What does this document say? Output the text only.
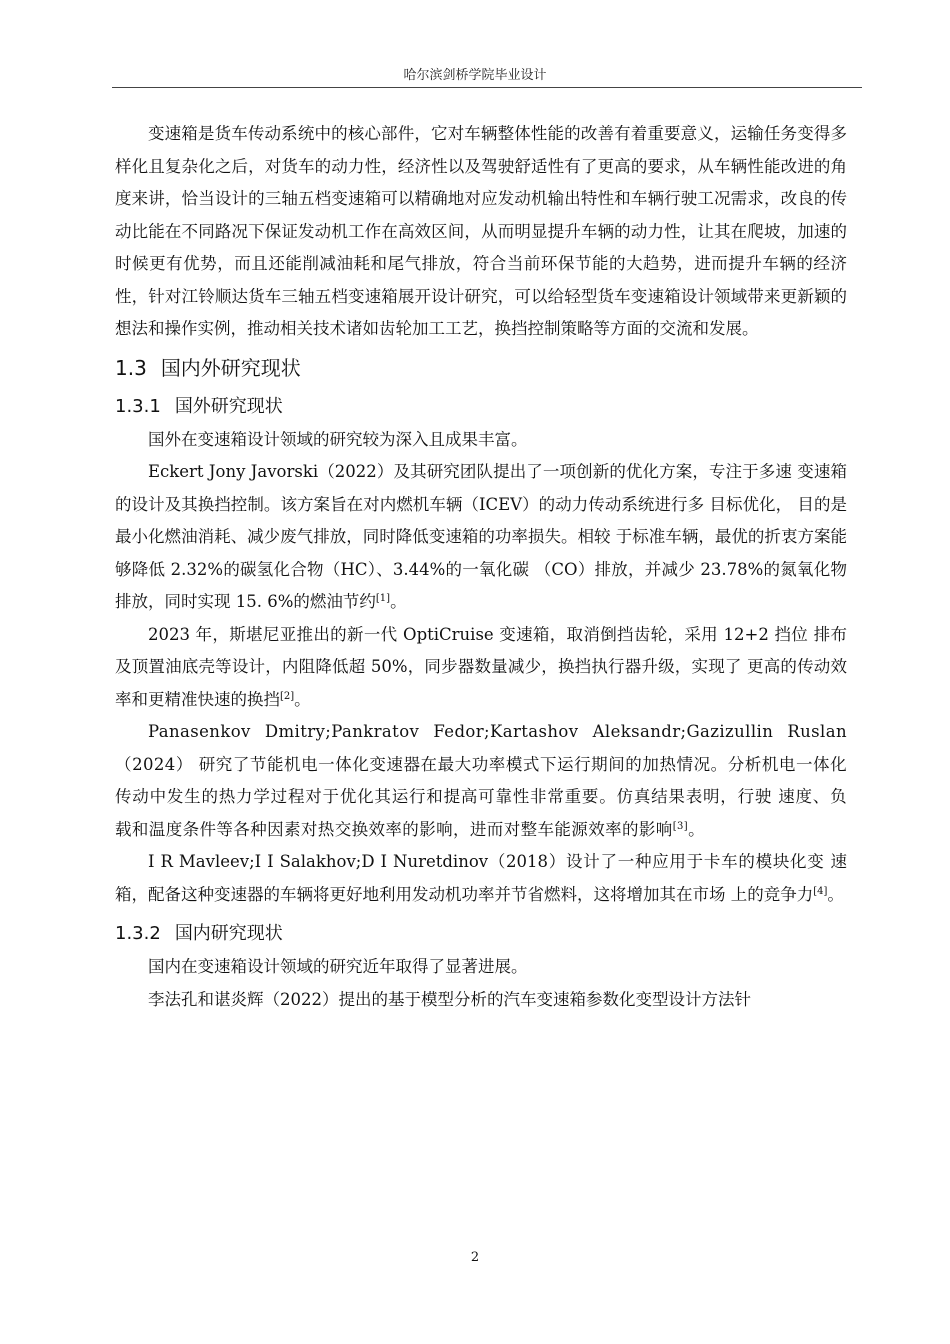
哈尔滨剑桥学院毕业设计

变速箱是货车传动系统中的核心部件，它对车辆整体性能的改善有着重要意义，运输任务变得多样化且复杂化之后，对货车的动力性，经济性以及驾驶舒适性有了更高的要求，从车辆性能改进的角度来讲，恰当设计的三轴五档变速箱可以精确地对应发动机输出特性和车辆行驶工况需求，改良的传动比能在不同路况下保证发动机工作在高效区间，从而明显提升车辆的动力性，让其在爬坡，加速的时候更有优势，而且还能削减油耗和尾气排放，符合当前环保节能的大趋势，进而提升车辆的经济性，针对江铃顺达货车三轴五档变速箱展开设计研究，可以给轻型货车变速箱设计领域带来更新颖的想法和操作实例，推动相关技术诸如齿轮加工工艺，换挡控制策略等方面的交流和发展。

1.3 国内外研究现状
1.3.1 国外研究现状

国外在变速箱设计领域的研究较为深入且成果丰富。

Eckert Jony Javorski（2022）及其研究团队提出了一项创新的优化方案，专注于多速 变速箱的设计及其换挡控制。该方案旨在对内燃机车辆（ICEV）的动力传动系统进行多 目标优化， 目的是最小化燃油消耗、减少废气排放，同时降低变速箱的功率损失。相较 于标准车辆，最优的折衷方案能够降低 2.32%的碳氢化合物（HC）、3.44%的一氧化碳 （CO）排放，并减少 23.78%的氮氧化物排放，同时实现 15. 6%的燃油节约[1]。

2023 年，斯堪尼亚推出的新一代 OptiCruise 变速箱，取消倒挡齿轮，采用 12+2 挡位 排布及顶置油底壳等设计，内阻降低超 50%，同步器数量减少，换挡执行器升级，实现了 更高的传动效率和更精准快速的换挡[2]。

Panasenkov Dmitry;Pankratov Fedor;Kartashov Aleksandr;Gazizullin Ruslan（2024） 研究了节能机电一体化变速器在最大功率模式下运行期间的加热情况。分析机电一体化 传动中发生的热力学过程对于优化其运行和提高可靠性非常重要。仿真结果表明，行驶 速度、负载和温度条件等各种因素对热交换效率的影响，进而对整车能源效率的影响[3]。

I R Mavleev;I I Salakhov;D I Nuretdinov（2018）设计了一种应用于卡车的模块化变 速箱，配备这种变速器的车辆将更好地利用发动机功率并节省燃料，这将增加其在市场 上的竞争力[4]。

1.3.2 国内研究现状

国内在变速箱设计领域的研究近年取得了显著进展。

李法孔和谌炎辉（2022）提出的基于模型分析的汽车变速箱参数化变型设计方法针

2
